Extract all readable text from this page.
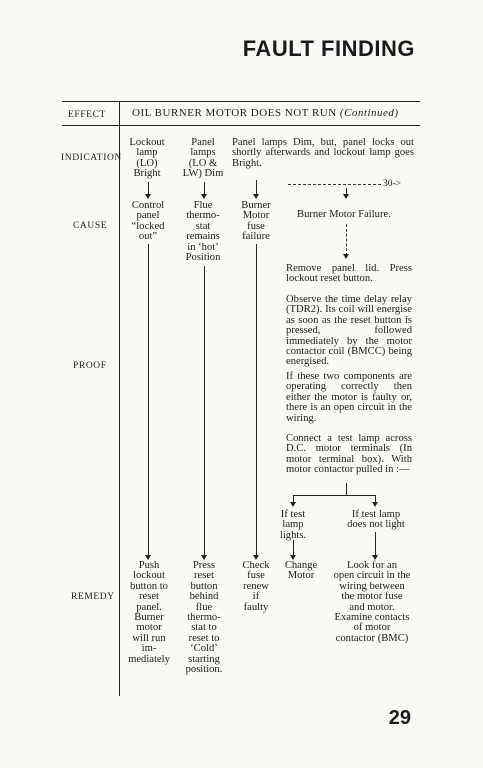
FAULT FINDING
EFFECT OIL BURNER MOTOR DOES NOT RUN (Continued)
INDICATION
CAUSE
PROOF
REMEDY
Lockout
lamp
(LO)
Bright
Panel
lamps
(LO &
LW) Dim
Panel lamps Dim, but, panel locks out shortly afterwards and lockout lamp goes Bright.
30->
Control
panel
“locked
out”
Flue
thermo-
stat
remains
in ‘hot’
Position
Burner
Motor
fuse
failure
Burner Motor Failure.
Remove panel lid. Press lockout reset button.
Observe the time delay relay (TDR2). Its coil will energise as soon as the reset button is pressed, followed immediately by the motor contactor coil (BMCC) being energised.
If these two components are operating correctly then either the motor is faulty or, there is an open circuit in the wiring.
Connect a test lamp across D.C. motor terminals (In motor terminal box). With motor contactor pulled in :—
If test
lamp
lights.
If test lamp
does not light
Push
lockout
button to
reset
panel.
Burner
motor
will run
im-
mediately
Press
reset
button
behind
flue
thermo-
stat to
reset to
‘Cold’
starting
position.
Check
fuse
renew
if
faulty
Change
Motor
Look for an
open circuit in the
wiring between
the motor fuse
and motor.
Examine contacts
of motor
contactor (BMC)
29
